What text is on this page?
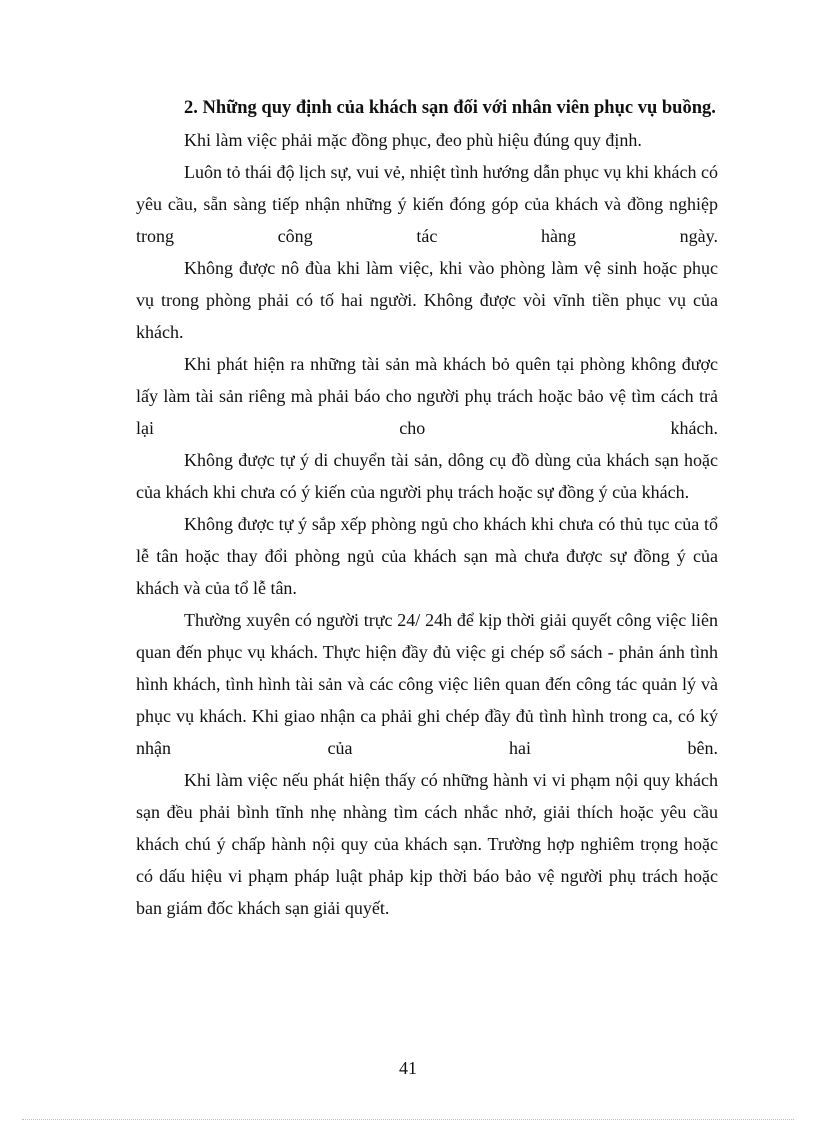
2. Những quy định của khách sạn đối với nhân viên phục vụ buồng.

Khi làm việc phải mặc đồng phục, đeo phù hiệu đúng quy định.

Luôn tỏ thái độ lịch sự, vui vẻ, nhiệt tình hướng dẫn phục vụ khi khách có yêu cầu, sẵn sàng tiếp nhận những ý kiến đóng góp của khách và đồng nghiệp trong công tác hàng ngày.

Không được nô đùa khi làm việc, khi vào phòng làm vệ sinh hoặc phục vụ trong phòng phải có tố hai người. Không được vòi vĩnh tiền phục vụ của khách.

Khi phát hiện ra những tài sản mà khách bỏ quên tại phòng không được lấy làm tài sản riêng mà phải báo cho người phụ trách hoặc bảo vệ tìm cách trả lại cho khách.

Không được tự ý di chuyển tài sản, dông cụ đồ dùng của khách sạn hoặc của khách khi chưa có ý kiến của người phụ trách hoặc sự đồng ý của khách.

Không được tự ý sắp xếp phòng ngủ cho khách khi chưa có thủ tục của tổ lễ tân hoặc thay đổi phòng ngủ của khách sạn mà chưa được sự đồng ý của khách và của tổ lễ tân.

Thường xuyên có người trực 24/ 24h để kịp thời giải quyết công việc liên quan đến phục vụ khách. Thực hiện đầy đủ việc gi chép sổ sách - phản ánh tình hình khách, tình hình tài sản và các công việc liên quan đến công tác quản lý và phục vụ khách. Khi giao nhận ca phải ghi chép đầy đủ tình hình trong ca, có ký nhận của hai bên.

Khi làm việc nếu phát hiện thấy có những hành vi vi phạm nội quy khách sạn đều phải bình tĩnh nhẹ nhàng tìm cách nhắc nhở, giải thích hoặc yêu cầu khách chú ý chấp hành nội quy của khách sạn. Trường hợp nghiêm trọng hoặc có dấu hiệu vi phạm pháp luật phảp kịp thời báo bảo vệ người phụ trách hoặc ban giám đốc khách sạn giải quyết.

41
